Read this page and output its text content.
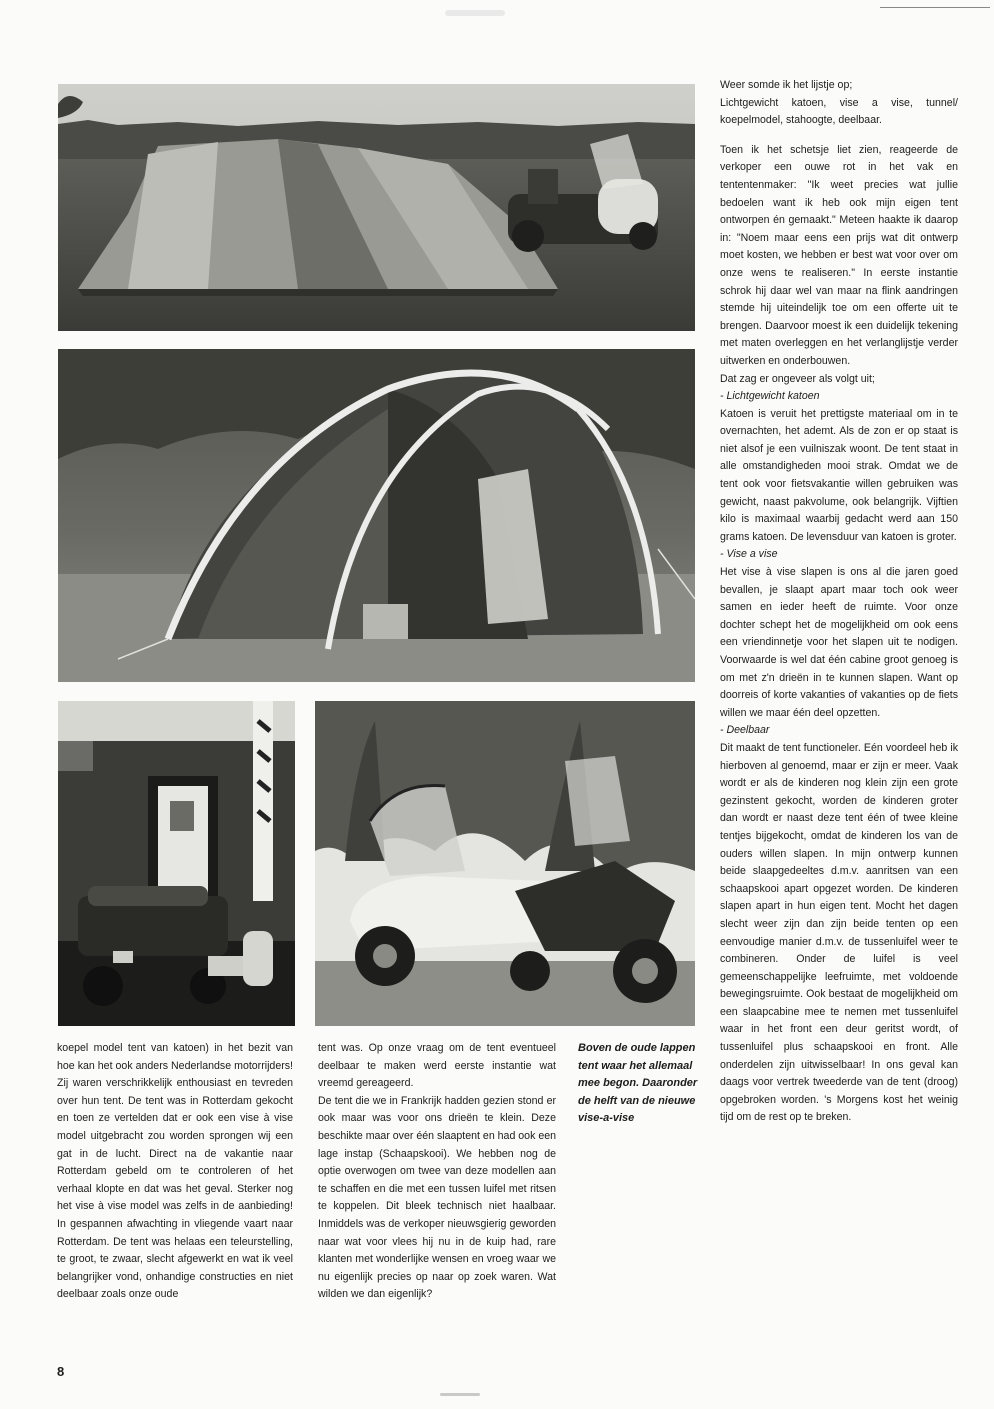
Weer somde ik het lijstje op;

Lichtgewicht katoen, vise a vise, tunnel/ koepelmodel, stahoogte, deelbaar.

Toen ik het schetsje liet zien, reageerde de verkoper een ouwe rot in het vak en tententenmaker: "Ik weet precies wat jullie bedoelen want ik heb ook mijn eigen tent ontworpen én gemaakt." Meteen haakte ik daarop in: "Noem maar eens een prijs wat dit ontwerp moet kosten, we hebben er best wat voor over om onze wens te realiseren." In eerste instantie schrok hij daar wel van maar na flink aandringen stemde hij uiteindelijk toe om een offerte uit te brengen. Daarvoor moest ik een duidelijk tekening met maten overleggen en het verlanglijstje verder uitwerken en onderbouwen.

Dat zag er ongeveer als volgt uit;

- Lichtgewicht katoen

Katoen is veruit het prettigste materiaal om in te overnachten, het ademt. Als de zon er op staat is niet alsof je een vuilniszak woont. De tent staat in alle omstandigheden mooi strak. Omdat we de tent ook voor fietsvakantie willen gebruiken was gewicht, naast pakvolume, ook belangrijk. Vijftien kilo is maximaal waarbij gedacht werd aan 150 grams katoen. De levensduur van katoen is groter.

- Vise a vise

Het vise à vise slapen is ons al die jaren goed bevallen, je slaapt apart maar toch ook weer samen en ieder heeft de ruimte. Voor onze dochter schept het de mogelijkheid om ook eens een vriendinnetje voor het slapen uit te nodigen. Voorwaarde is wel dat één cabine groot genoeg is om met z'n drieën in te kunnen slapen. Want op doorreis of korte vakanties of vakanties op de fiets willen we maar één deel opzetten.

- Deelbaar

Dit maakt de tent functioneler. Eén voordeel heb ik hierboven al genoemd, maar er zijn er meer. Vaak wordt er als de kinderen nog klein zijn een grote gezinstent gekocht, worden de kinderen groter dan wordt er naast deze tent één of twee kleine tentjes bijgekocht, omdat de kinderen los van de ouders willen slapen. In mijn ontwerp kunnen beide slaapgedeeltes d.m.v. aanritsen van een schaapskooi apart opgezet worden. De kinderen slapen apart in hun eigen tent. Mocht het dagen slecht weer zijn dan zijn beide tenten op een eenvoudige manier d.m.v. de tussenluifel weer te combineren. Onder de luifel is veel gemeenschappelijke leefruimte, met voldoende bewegingsruimte. Ook bestaat de mogelijkheid om een slaapcabine mee te nemen met tussenluifel waar in het front een deur geritst wordt, of tussenluifel plus schaapskooi en front. Alle onderdelen zijn uitwisselbaar! In ons geval kan daags voor vertrek tweederde van de tent (droog) opgebroken worden. 's Morgens kost het weinig tijd om de rest op te breken.

koepel model tent van katoen) in het bezit van hoe kan het ook anders Nederlandse motorrijders! Zij waren verschrikkelijk enthousiast en tevreden over hun tent. De tent was in Rotterdam gekocht en toen ze vertelden dat er ook een vise à vise model uitgebracht zou worden sprongen wij een gat in de lucht. Direct na de vakantie naar Rotterdam gebeld om te controleren of het verhaal klopte en dat was het geval. Sterker nog het vise à vise model was zelfs in de aanbieding! In gespannen afwachting in vliegende vaart naar Rotterdam. De tent was helaas een teleurstelling, te groot, te zwaar, slecht afgewerkt en wat ik veel belangrijker vond, onhandige constructies en niet deelbaar zoals onze oude

tent was. Op onze vraag om de tent eventueel deelbaar te maken werd eerste instantie wat vreemd gereageerd.

De tent die we in Frankrijk hadden gezien stond er ook maar was voor ons drieën te klein. Deze beschikte maar over één slaaptent en had ook een lage instap (Schaapskooi). We hebben nog de optie overwogen om twee van deze modellen aan te schaffen en die met een tussen luifel met ritsen te koppelen. Dit bleek technisch niet haalbaar. Inmiddels was de verkoper nieuwsgierig geworden naar wat voor vlees hij nu in de kuip had, rare klanten met wonderlijke wensen en vroeg waar we nu eigenlijk precies op naar op zoek waren. Wat wilden we dan eigenlijk?

Boven de oude lappen tent waar het allemaal mee begon. Daaronder de helft van de nieuwe vise-a-vise
8
